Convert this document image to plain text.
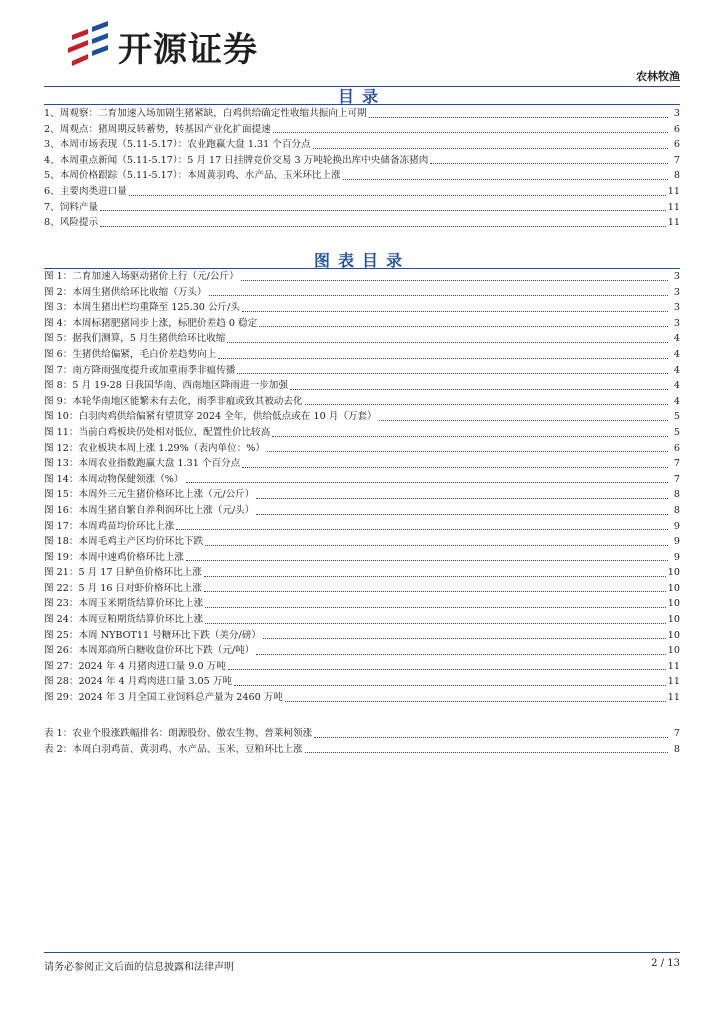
开源证券
农林牧渔
目录
1、 周观察：二育加速入场加剧生猪紧缺，白鸡供给确定性收缩共振向上可期	3
2、 周观点：猪周期反转蓄势，转基因产业化扩面提速	6
3、 本周市场表现（5.11-5.17）：农业跑赢大盘 1.31 个百分点	6
4、 本周重点新闻（5.11-5.17）：5 月 17 日挂牌竞价交易 3 万吨轮换出库中央储备冻猪肉	7
5、 本周价格跟踪（5.11-5.17）：本周黄羽鸡、水产品、玉米环比上涨	8
6、 主要肉类进口量	11
7、 饲料产量	11
8、 风险提示	11
图表目录
图 1： 二育加速入场驱动猪价上行（元/公斤）	3
图 2： 本周生猪供给环比收缩（万头）	3
图 3： 本周生猪出栏均重降至 125.30 公斤/头	3
图 4： 本周标猪肥猪同步上涨，标肥价差趋 0 稳定	3
图 5： 据我们测算，5 月生猪供给环比收缩	4
图 6： 生猪供给偏紧，毛白价差趋势向上	4
图 7： 南方降雨强度提升或加重雨季非瘟传播	4
图 8： 5 月 19-28 日我国华南、西南地区降雨进一步加强	4
图 9： 本轮华南地区能繁未有去化，雨季非瘟或致其被动去化	4
图 10： 白羽肉鸡供给偏紧有望贯穿 2024 全年，供给低点或在 10 月（万套）	5
图 11： 当前白鸡板块仍处相对低位，配置性价比较高	5
图 12： 农业板块本周上涨 1.29%（表内单位：%）	6
图 13： 本周农业指数跑赢大盘 1.31 个百分点	7
图 14： 本周动物保健领涨（%）	7
图 15： 本周外三元生猪价格环比上涨（元/公斤）	8
图 16： 本周生猪自繁自养利润环比上涨（元/头）	8
图 17： 本周鸡苗均价环比上涨	9
图 18： 本周毛鸡主产区均价环比下跌	9
图 19： 本周中速鸡价格环比上涨	9
图 21： 5 月 17 日鲈鱼价格环比上涨	10
图 22： 5 月 16 日对虾价格环比上涨	10
图 23： 本周玉米期货结算价环比上涨	10
图 24： 本周豆粕期货结算价环比上涨	10
图 25： 本周 NYBOT11 号糖环比下跌（美分/磅）	10
图 26： 本周郑商所白糖收盘价环比下跌（元/吨）	10
图 27： 2024 年 4 月猪肉进口量 9.0 万吨	11
图 28： 2024 年 4 月鸡肉进口量 3.05 万吨	11
图 29： 2024 年 3 月全国工业饲料总产量为 2460 万吨	11
表 1： 农业个股涨跌幅排名：朗源股份、傲农生物、普莱柯领涨	7
表 2： 本周白羽鸡苗、黄羽鸡、水产品、玉米、豆粕环比上涨	8
请务必参阅正文后面的信息披露和法律声明	2 / 13
